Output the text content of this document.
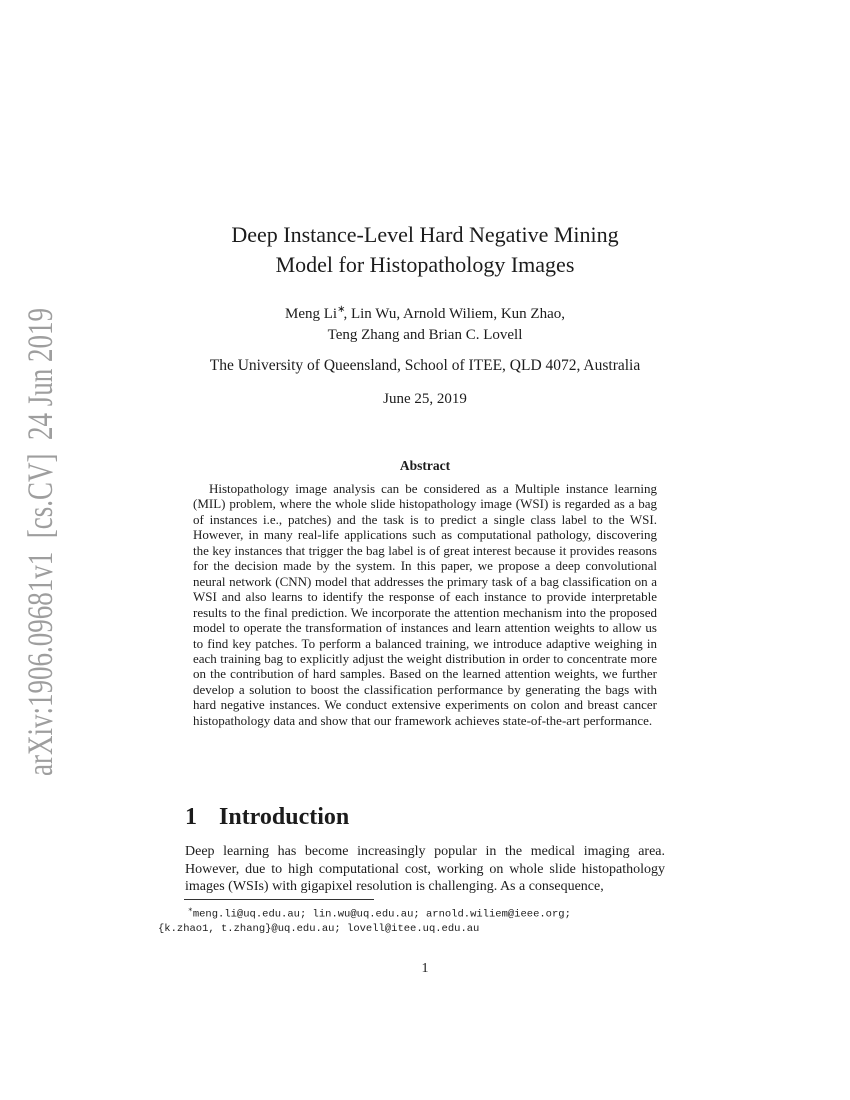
arXiv:1906.09681v1  [cs.CV]  24 Jun 2019
Deep Instance-Level Hard Negative Mining
Model for Histopathology Images
Meng Li∗, Lin Wu, Arnold Wiliem, Kun Zhao,
Teng Zhang and Brian C. Lovell
The University of Queensland, School of ITEE, QLD 4072, Australia
June 25, 2019
Abstract
Histopathology image analysis can be considered as a Multiple instance learning (MIL) problem, where the whole slide histopathology image (WSI) is regarded as a bag of instances i.e., patches) and the task is to predict a single class label to the WSI. However, in many real-life applications such as computational pathology, discovering the key instances that trigger the bag label is of great interest because it provides reasons for the decision made by the system. In this paper, we propose a deep convolutional neural network (CNN) model that addresses the primary task of a bag classification on a WSI and also learns to identify the response of each instance to provide interpretable results to the final prediction. We incorporate the attention mechanism into the proposed model to operate the transformation of instances and learn attention weights to allow us to find key patches. To perform a balanced training, we introduce adaptive weighing in each training bag to explicitly adjust the weight distribution in order to concentrate more on the contribution of hard samples. Based on the learned attention weights, we further develop a solution to boost the classification performance by generating the bags with hard negative instances. We conduct extensive experiments on colon and breast cancer histopathology data and show that our framework achieves state-of-the-art performance.
1 Introduction
Deep learning has become increasingly popular in the medical imaging area. However, due to high computational cost, working on whole slide histopathology images (WSIs) with gigapixel resolution is challenging. As a consequence,
∗meng.li@uq.edu.au; lin.wu@uq.edu.au; arnold.wiliem@ieee.org;
{k.zhao1, t.zhang}@uq.edu.au; lovell@itee.uq.edu.au
1
